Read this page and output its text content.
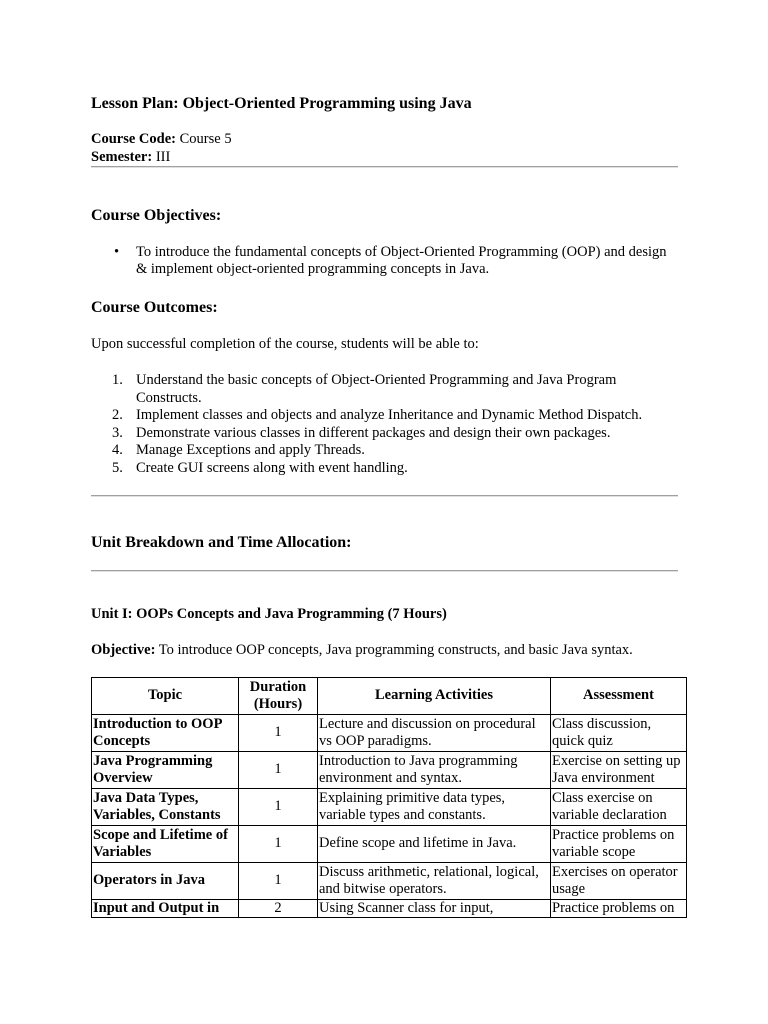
Lesson Plan: Object-Oriented Programming using Java

Course Code: Course 5

Semester: III

Course Objectives:
• To introduce the fundamental concepts of Object-Oriented Programming (OOP) and design & implement object-oriented programming concepts in Java.
Course Outcomes:

Upon successful completion of the course, students will be able to:

1. Understand the basic concepts of Object-Oriented Programming and Java Program Constructs.
2. Implement classes and objects and analyze Inheritance and Dynamic Method Dispatch.
3. Demonstrate various classes in different packages and design their own packages.
4. Manage Exceptions and apply Threads.
5. Create GUI screens along with event handling.
Unit Breakdown and Time Allocation:
Unit I: OOPs Concepts and Java Programming (7 Hours)

Objective: To introduce OOP concepts, Java programming constructs, and basic Java syntax.

Topic	Duration (Hours)	Learning Activities	Assessment
Introduction to OOP Concepts	1	Lecture and discussion on procedural vs OOP paradigms.	Class discussion, quick quiz
Java Programming Overview	1	Introduction to Java programming environment and syntax.	Exercise on setting up Java environment
Java Data Types, Variables, Constants	1	Explaining primitive data types, variable types and constants.	Class exercise on variable declaration
Scope and Lifetime of Variables	1	Define scope and lifetime in Java.	Practice problems on variable scope
Operators in Java	1	Discuss arithmetic, relational, logical, and bitwise operators.	Exercises on operator usage
Input and Output in	2	Using Scanner class for input,	Practice problems on
